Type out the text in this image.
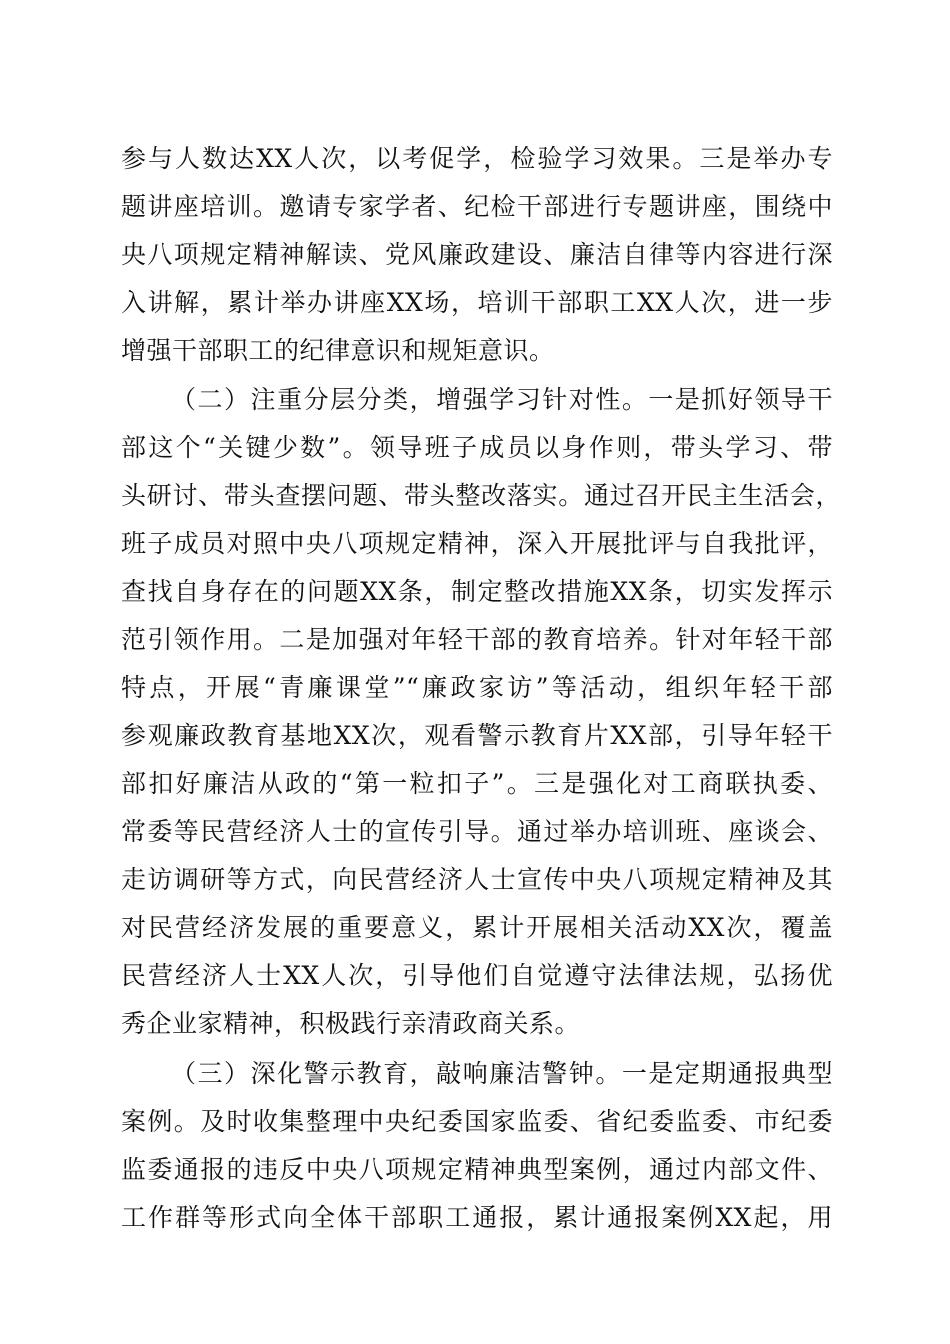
参与人数达XX人次，以考促学，检验学习效果。三是举办专
题讲座培训。邀请专家学者、纪检干部进行专题讲座，围绕中
央八项规定精神解读、党风廉政建设、廉洁自律等内容进行深
入讲解，累计举办讲座XX场，培训干部职工XX人次，进一步
增强干部职工的纪律意识和规矩意识。
（二）注重分层分类，增强学习针对性。一是抓好领导干
部这个“关键少数”。领导班子成员以身作则，带头学习、带
头研讨、带头查摆问题、带头整改落实。通过召开民主生活会，
班子成员对照中央八项规定精神，深入开展批评与自我批评，
查找自身存在的问题XX条，制定整改措施XX条，切实发挥示
范引领作用。二是加强对年轻干部的教育培养。针对年轻干部
特点，开展“青廉课堂”“廉政家访”等活动，组织年轻干部
参观廉政教育基地XX次，观看警示教育片XX部，引导年轻干
部扣好廉洁从政的“第一粒扣子”。三是强化对工商联执委、
常委等民营经济人士的宣传引导。通过举办培训班、座谈会、
走访调研等方式，向民营经济人士宣传中央八项规定精神及其
对民营经济发展的重要意义，累计开展相关活动XX次，覆盖
民营经济人士XX人次，引导他们自觉遵守法律法规，弘扬优
秀企业家精神，积极践行亲清政商关系。
（三）深化警示教育，敲响廉洁警钟。一是定期通报典型
案例。及时收集整理中央纪委国家监委、省纪委监委、市纪委
监委通报的违反中央八项规定精神典型案例，通过内部文件、
工作群等形式向全体干部职工通报，累计通报案例XX起，用
